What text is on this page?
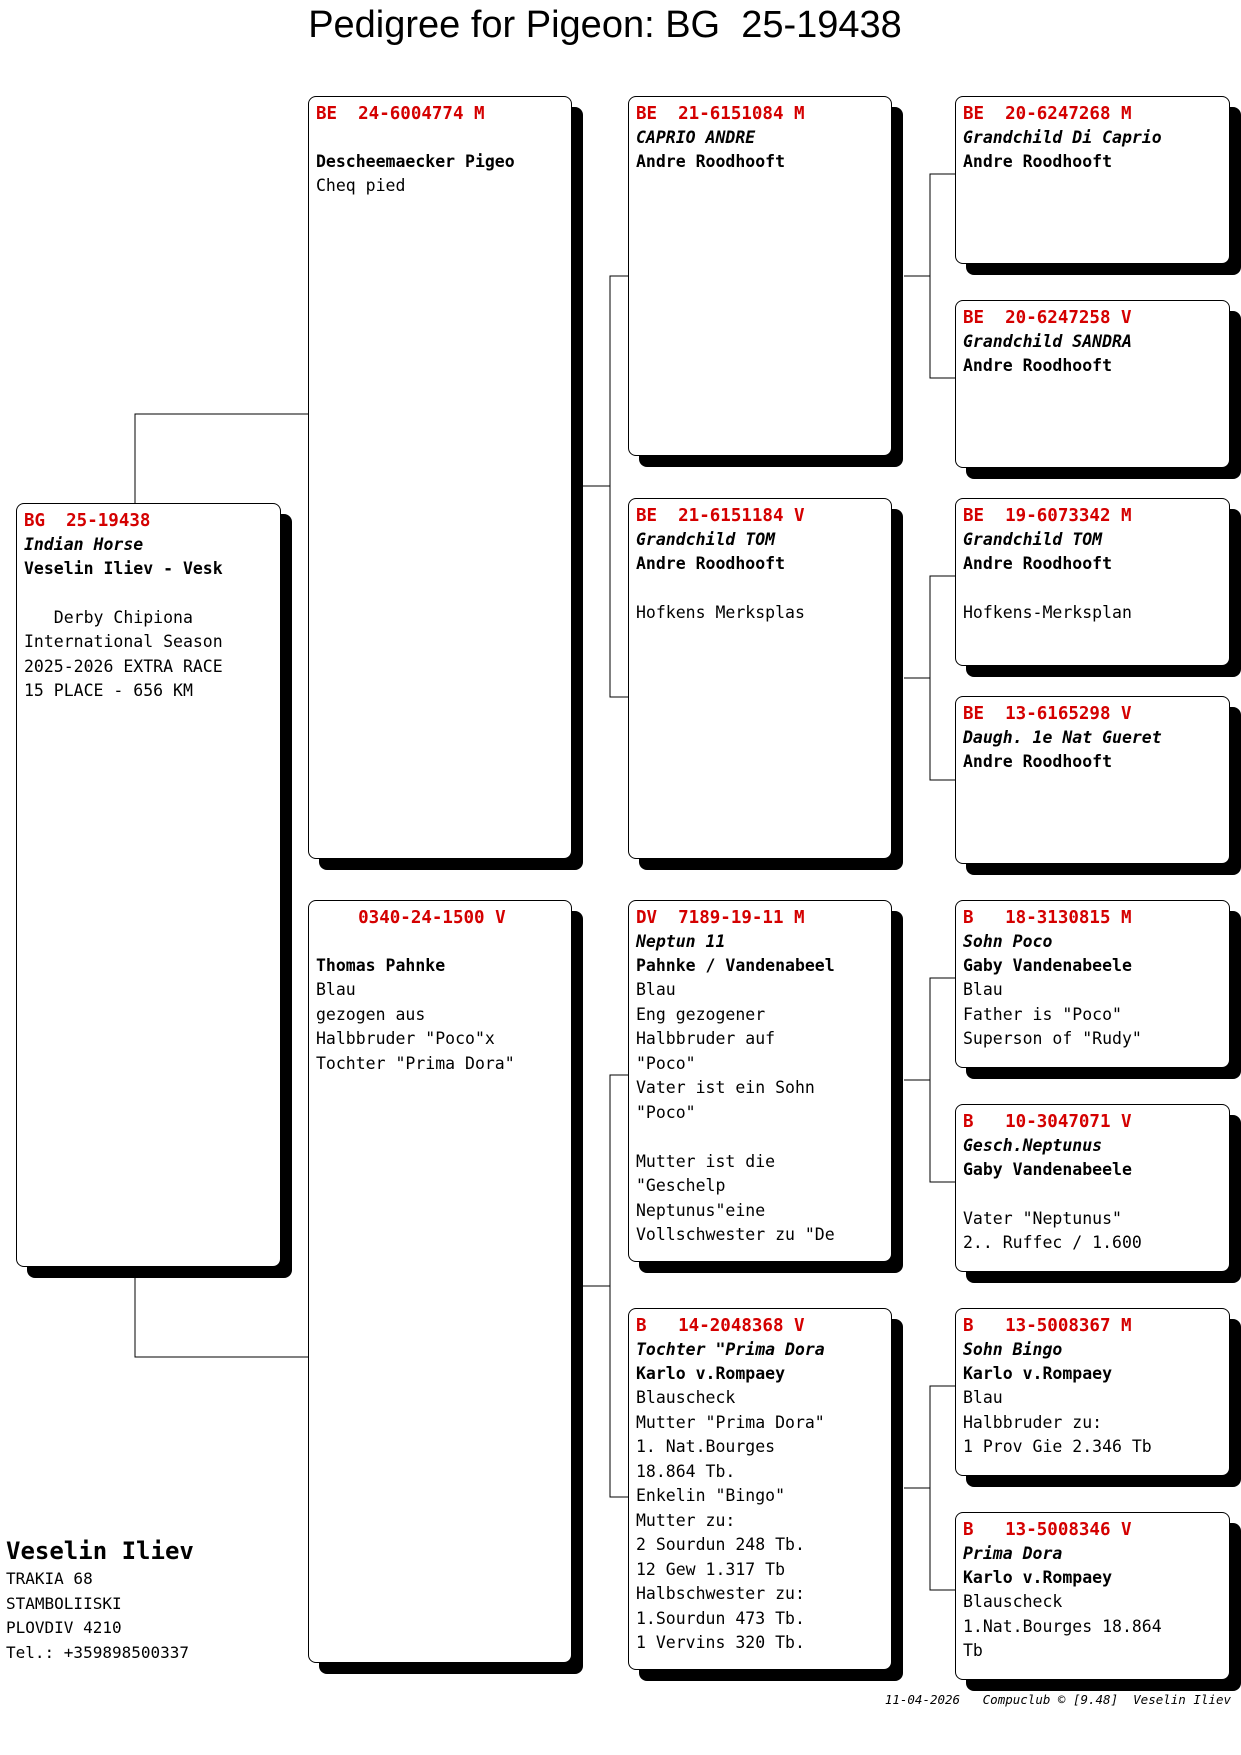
Pedigree for Pigeon: BG  25-19438
BG  25-19438
Indian Horse
Veselin Iliev - Vesk

Derby Chipiona
International Season
2025-2026 EXTRA RACE
15 PLACE - 656 KM
BE  24-6004774 M
Descheemaecker Pigeo
Cheq pied
0340-24-1500 V
Thomas Pahnke
Blau
gezogen aus
Halbbruder "Poco"x
Tochter "Prima Dora"
BE  21-6151084 M
CAPRIO ANDRE
Andre Roodhooft
BE  21-6151184 V
Grandchild TOM
Andre Roodhooft

Hofkens Merksplas
DV  7189-19-11 M
Neptun 11
Pahnke / Vandenabeel
Blau
Eng gezogener
Halbbruder auf
"Poco"
Vater ist ein Sohn
"Poco"

Mutter ist die
"Geschelp
Neptunus"eine
Vollschwester zu "De
B   14-2048368 V
Tochter "Prima Dora
Karlo v.Rompaey
Blauscheck
Mutter "Prima Dora"
1. Nat.Bourges
18.864 Tb.
Enkelin "Bingo"
Mutter zu:
2 Sourdun 248 Tb.
12 Gew 1.317 Tb
Halbschwester zu:
1.Sourdun 473 Tb.
1 Vervins 320 Tb.
BE  20-6247268 M
Grandchild Di Caprio
Andre Roodhooft
BE  20-6247258 V
Grandchild SANDRA
Andre Roodhooft
BE  19-6073342 M
Grandchild TOM
Andre Roodhooft

Hofkens-Merksplan
BE  13-6165298 V
Daugh. 1e Nat Gueret
Andre Roodhooft
B   18-3130815 M
Sohn Poco
Gaby Vandenabeele
Blau
Father is "Poco"
Superson of "Rudy"
B   10-3047071 V
Gesch.Neptunus
Gaby Vandenabeele

Vater "Neptunus"
2.. Ruffec / 1.600
B   13-5008367 M
Sohn Bingo
Karlo v.Rompaey
Blau
Halbbruder zu:
1 Prov Gie 2.346 Tb
B   13-5008346 V
Prima Dora
Karlo v.Rompaey
Blauscheck
1.Nat.Bourges 18.864
Tb
Veselin Iliev
TRAKIA 68
STAMBOLIISKI
PLOVDIV 4210
Tel.: +359898500337
11-04-2026   Compuclub © [9.48]  Veselin Iliev
